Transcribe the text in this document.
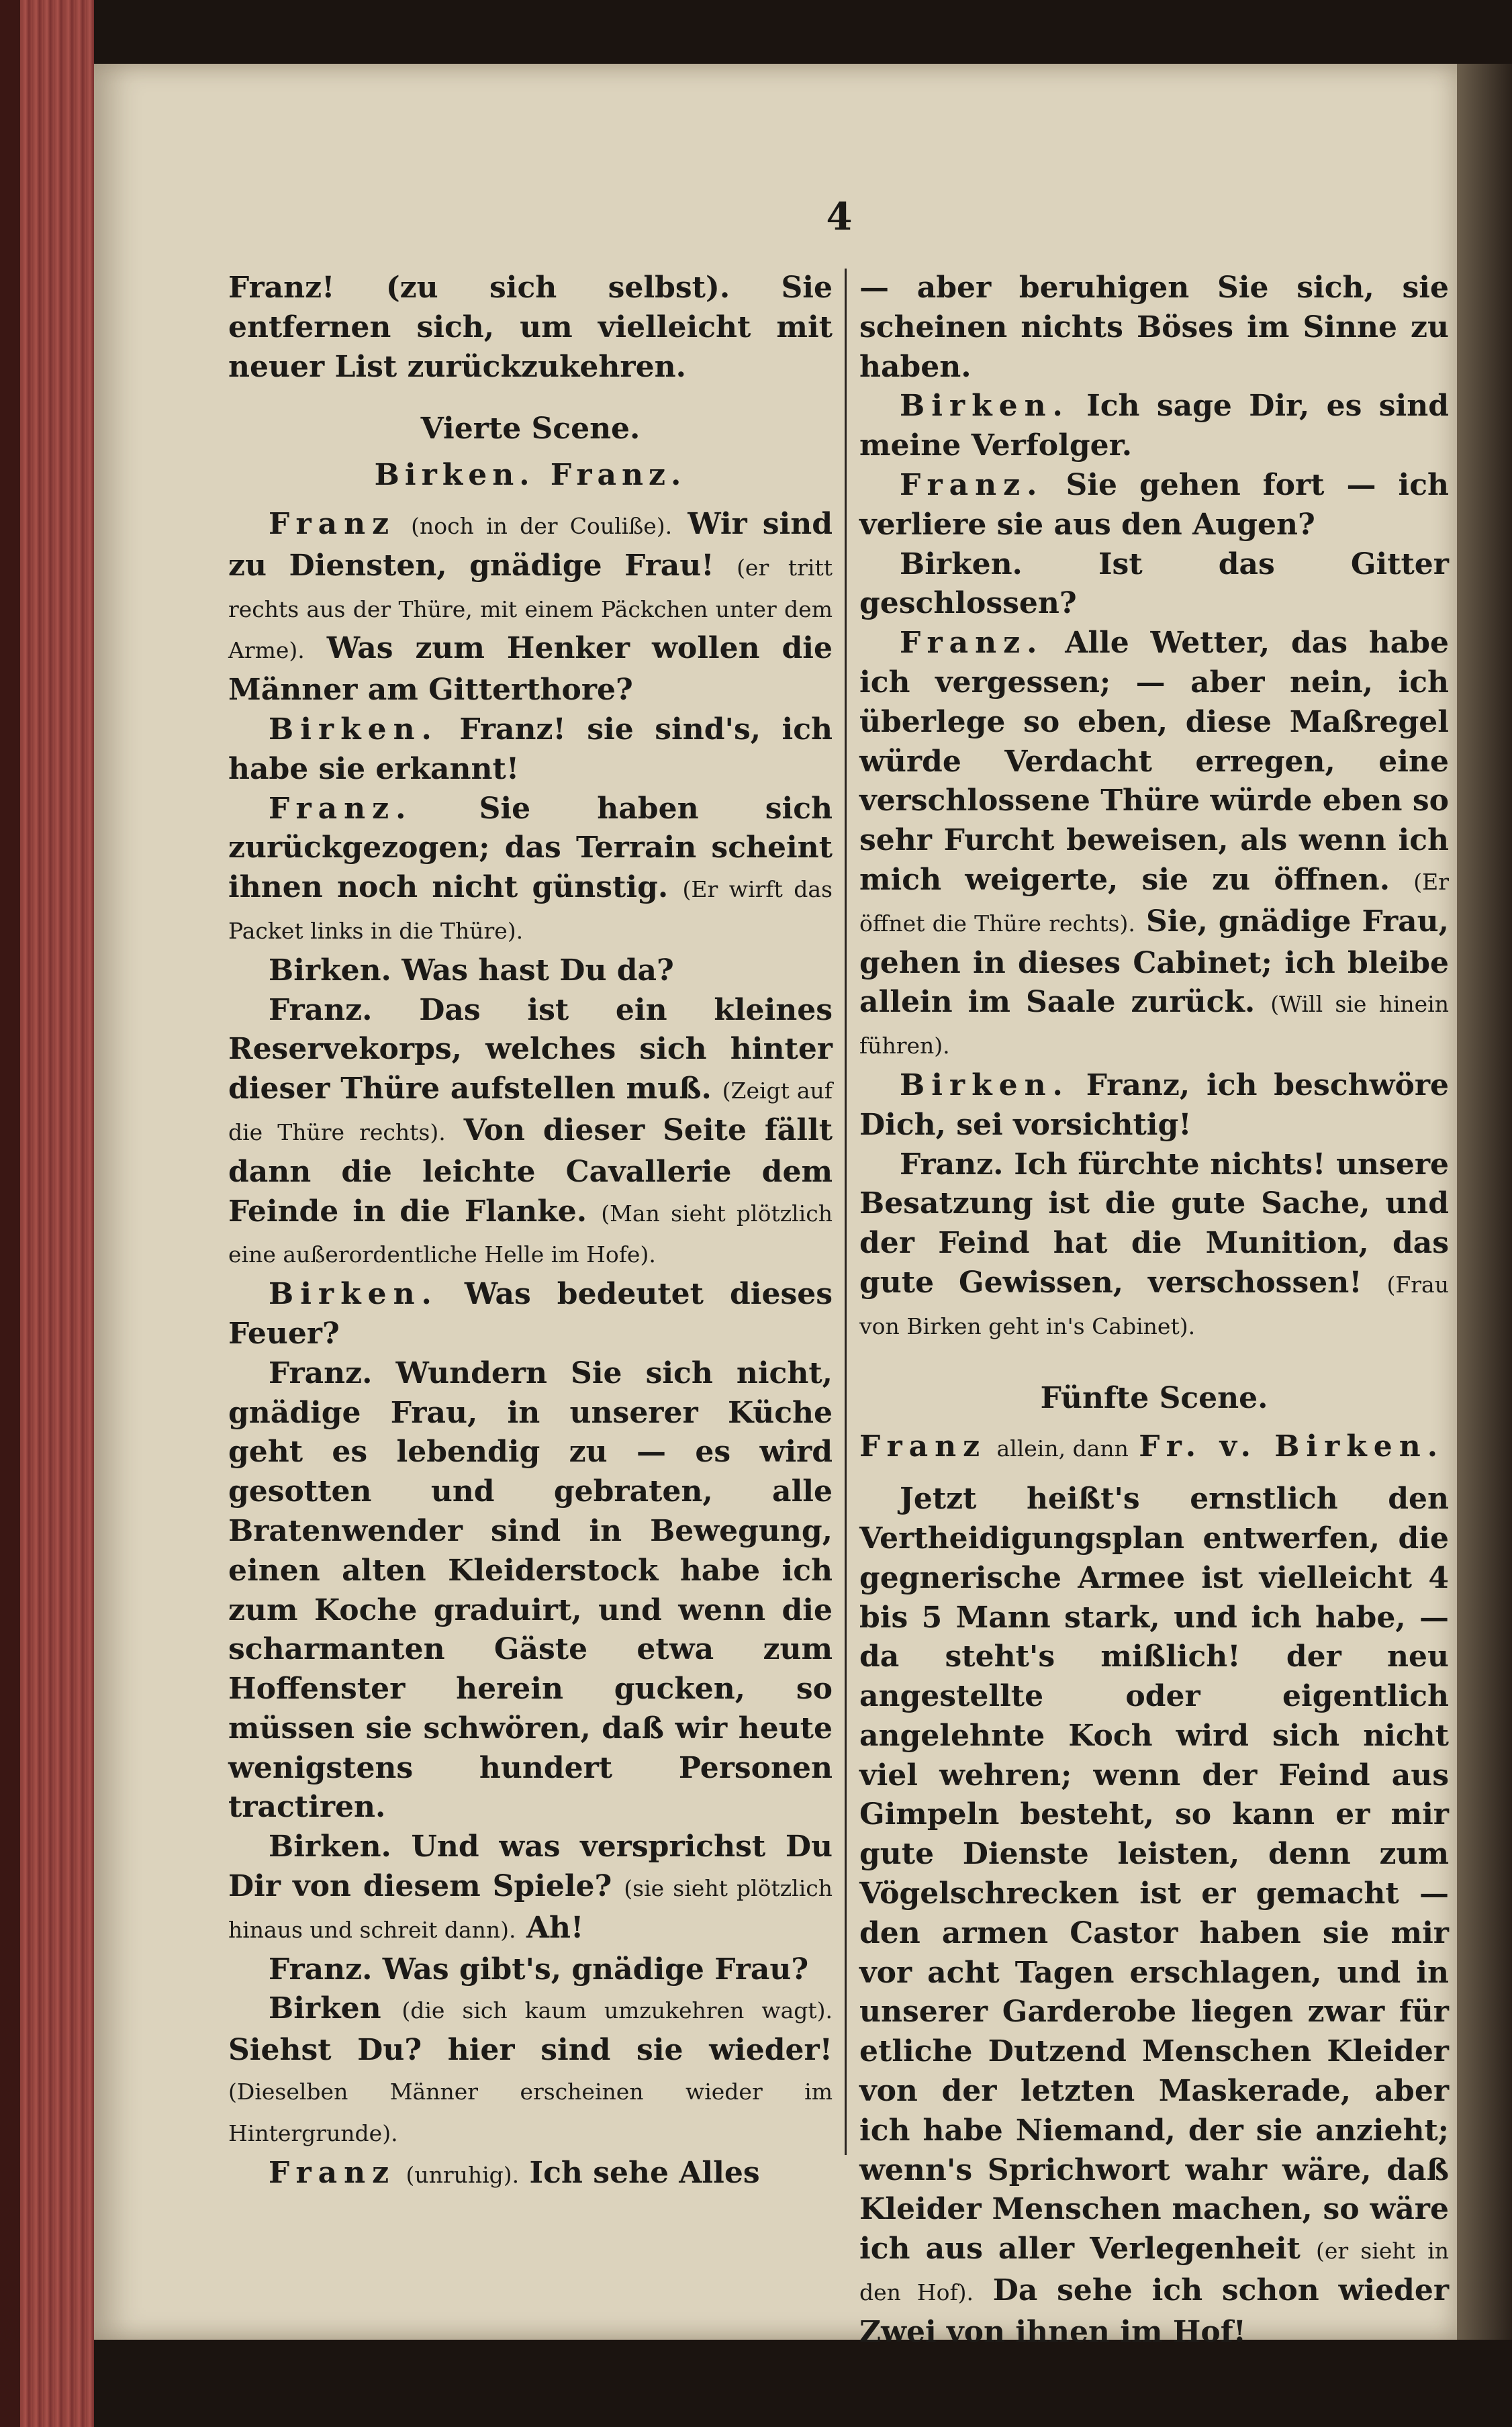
4

Franz! (zu sich selbst). Sie entfernen sich, um vielleicht mit neuer List zurückzukehren.

Vierte Scene.

Birken. Franz.

Franz (noch in der Couliße). Wir sind zu Diensten, gnädige Frau! (er tritt rechts aus der Thüre, mit einem Päckchen unter dem Arme). Was zum Henker wollen die Männer am Gitterthore?

Birken. Franz! sie sind's, ich habe sie erkannt!

Franz. Sie haben sich zurückgezogen; das Terrain scheint ihnen noch nicht günstig. (Er wirft das Packet links in die Thüre).

Birken. Was hast Du da?

Franz. Das ist ein kleines Reservekorps, welches sich hinter dieser Thüre aufstellen muß. (Zeigt auf die Thüre rechts). Von dieser Seite fällt dann die leichte Cavallerie dem Feinde in die Flanke. (Man sieht plötzlich eine außerordentliche Helle im Hofe).

Birken. Was bedeutet dieses Feuer?

Franz. Wundern Sie sich nicht, gnädige Frau, in unserer Küche geht es lebendig zu — es wird gesotten und gebraten, alle Bratenwender sind in Bewegung, einen alten Kleiderstock habe ich zum Koche graduirt, und wenn die scharmanten Gäste etwa zum Hoffenster herein gucken, so müssen sie schwören, daß wir heute wenigstens hundert Personen tractiren.

Birken. Und was versprichst Du Dir von diesem Spiele? (sie sieht plötzlich hinaus und schreit dann). Ah!

Franz. Was gibt's, gnädige Frau?

Birken (die sich kaum umzukehren wagt). Siehst Du? hier sind sie wieder! (Dieselben Männer erscheinen wieder im Hintergrunde).

Franz (unruhig). Ich sehe Alles

— aber beruhigen Sie sich, sie scheinen nichts Böses im Sinne zu haben.

Birken. Ich sage Dir, es sind meine Verfolger.

Franz. Sie gehen fort — ich verliere sie aus den Augen?

Birken.	Ist das Gitter geschlossen?

Franz. Alle Wetter, das habe ich vergessen; — aber nein, ich überlege so eben, diese Maßregel würde Verdacht erregen, eine verschlossene Thüre würde eben so sehr Furcht beweisen, als wenn ich mich weigerte, sie zu öffnen. (Er öffnet die Thüre rechts). Sie, gnädige Frau, gehen in dieses Cabinet; ich bleibe allein im Saale zurück. (Will sie hinein führen).

Birken. Franz, ich beschwöre Dich, sei vorsichtig!

Franz. Ich fürchte nichts! unsere Besatzung ist die gute Sache, und der Feind hat die Munition, das gute Gewissen, verschossen! (Frau von Birken geht in's Cabinet).

Fünfte Scene.

Franz allein, dann Fr. v. Birken.

Jetzt heißt's ernstlich den Vertheidigungsplan entwerfen, die gegnerische Armee ist vielleicht 4 bis 5 Mann stark, und ich habe, — da steht's mißlich! der neu angestellte oder eigentlich angelehnte Koch wird sich nicht viel wehren; wenn der Feind aus Gimpeln besteht, so kann er mir gute Dienste leisten, denn zum Vögelschrecken ist er gemacht — den armen Castor haben sie mir vor acht Tagen erschlagen, und in unserer Garderobe liegen zwar für etliche Dutzend Menschen Kleider von der letzten Maskerade, aber ich habe Niemand, der sie anzieht; wenn's Sprichwort wahr wäre, daß Kleider Menschen machen, so wäre ich aus aller Verlegenheit (er sieht in den Hof). Da sehe ich schon wieder Zwei von ihnen im Hof!
